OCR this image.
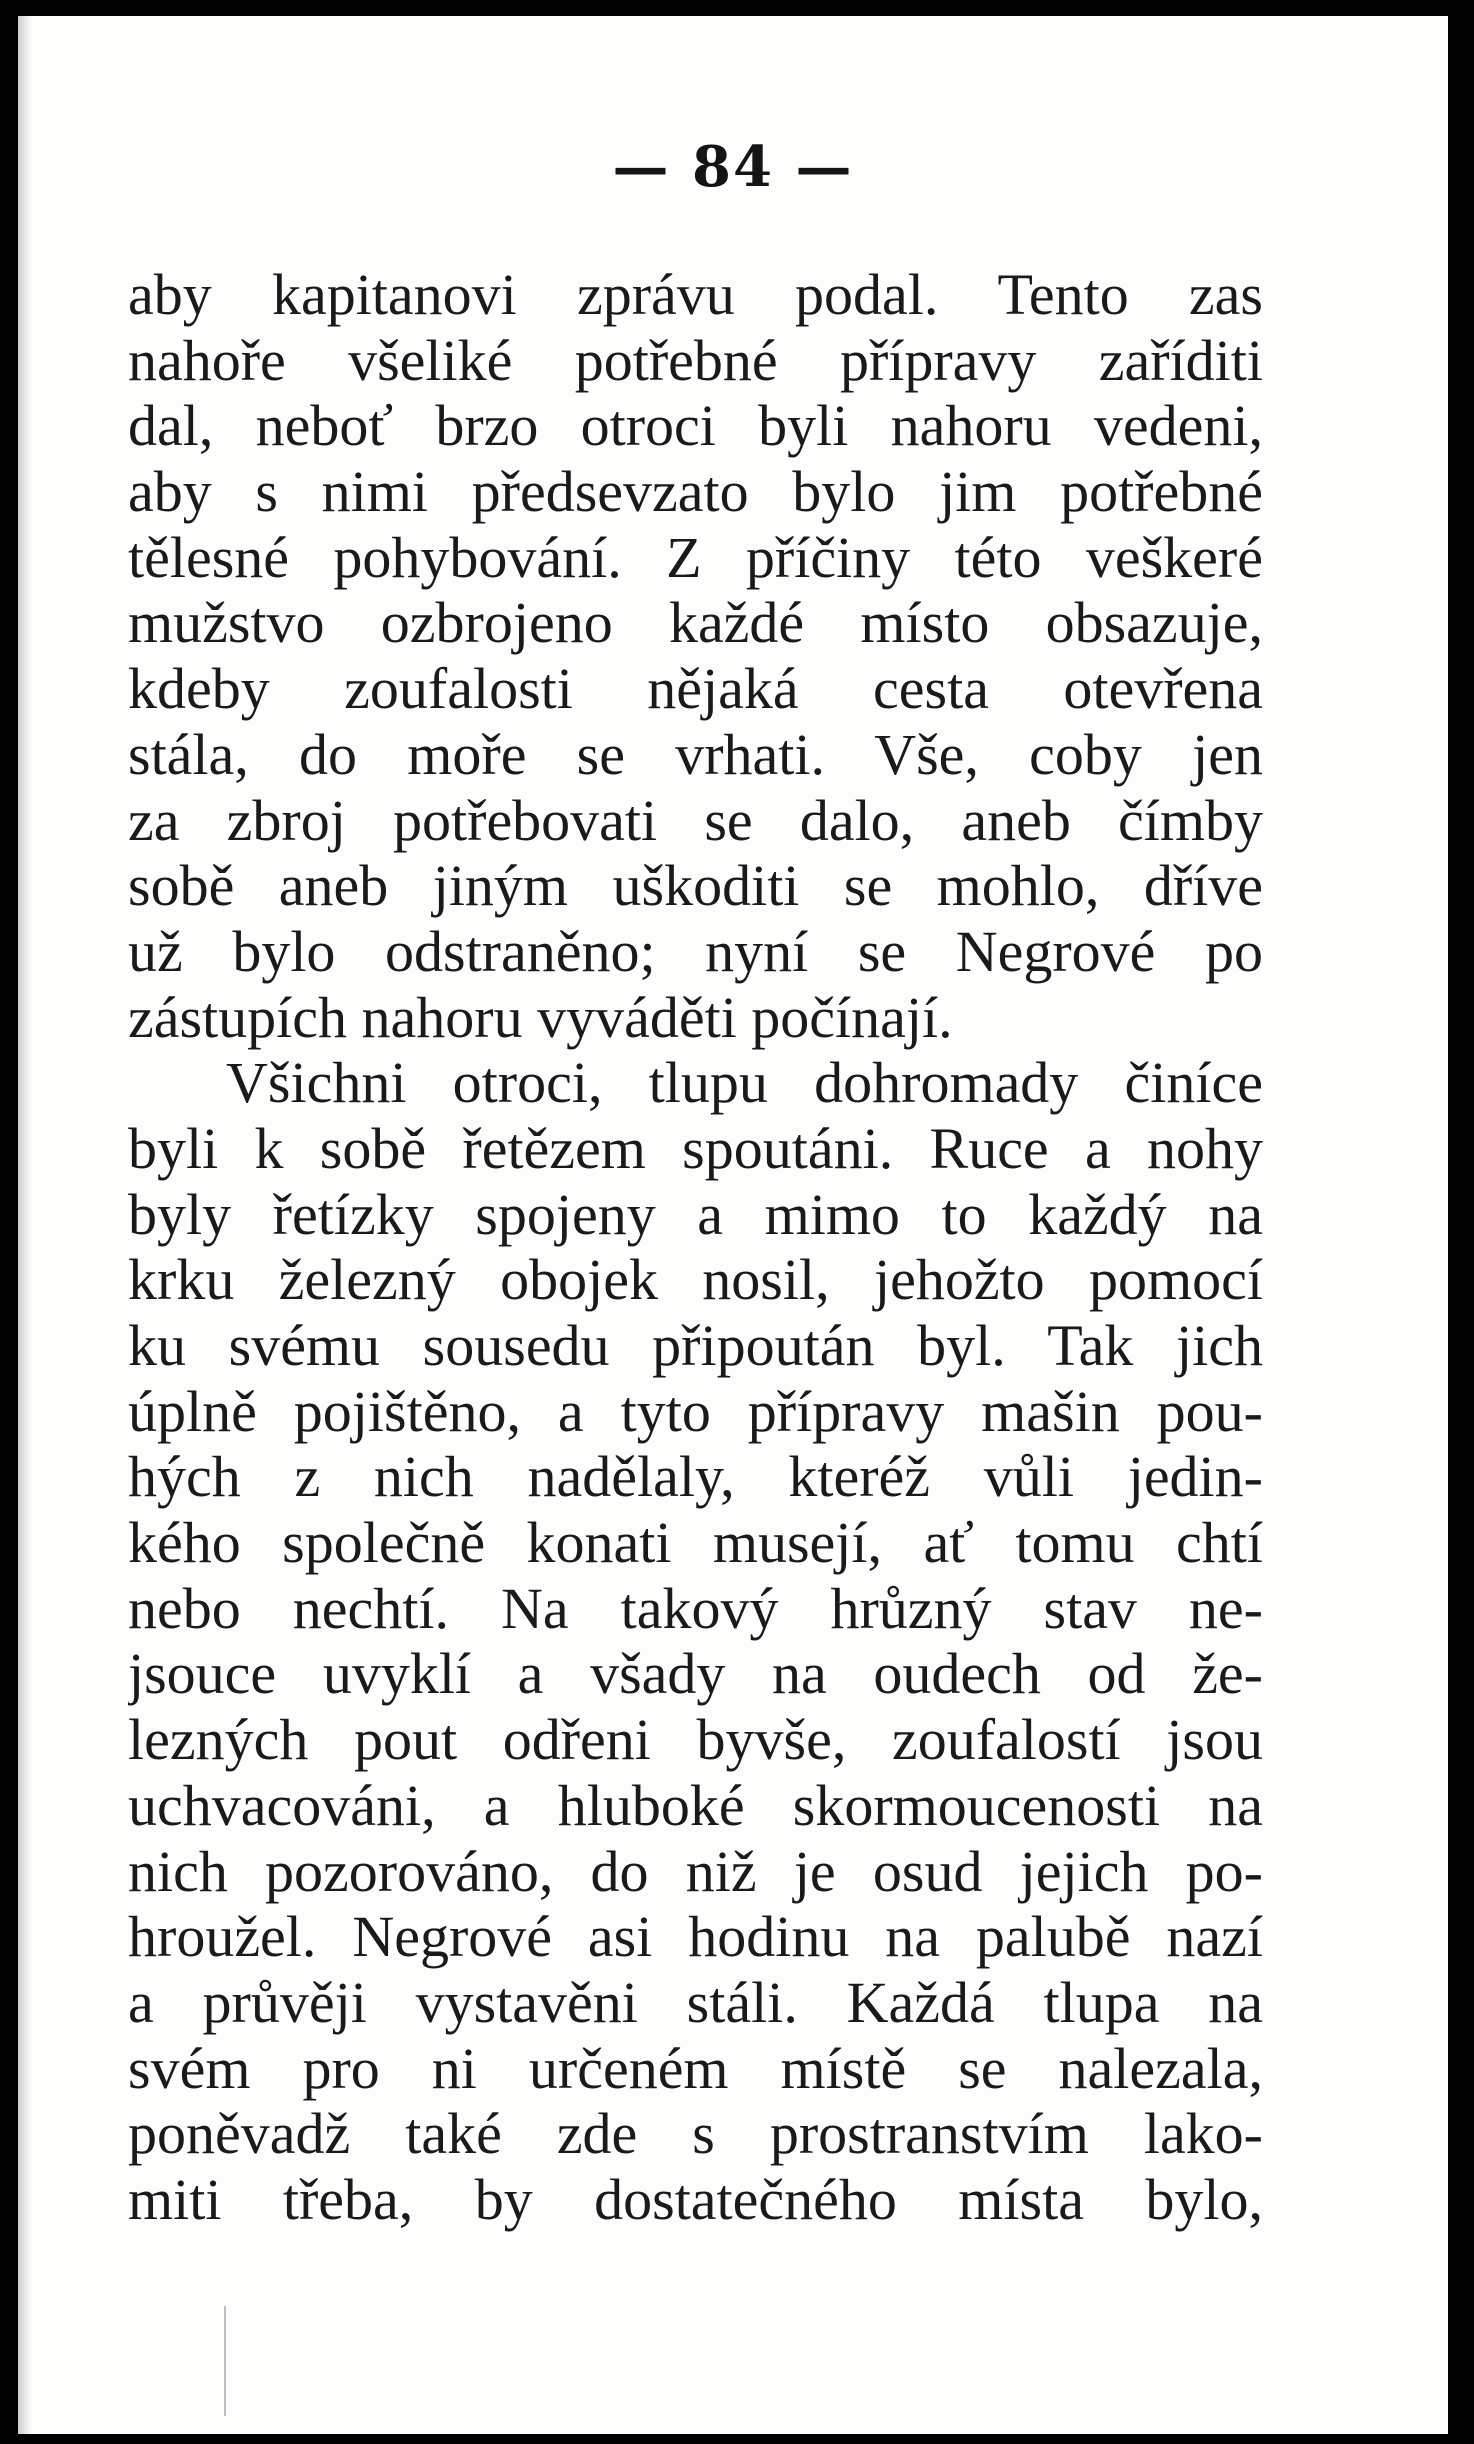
— 84 —
aby kapitanovi zprávu podal. Tento zas
nahoře všeliké potřebné přípravy zaříditi
dal, neboť brzo otroci byli nahoru vedeni,
aby s nimi předsevzato bylo jim potřebné
tělesné pohybování. Z příčiny této veškeré
mužstvo ozbrojeno každé místo obsazuje,
kdeby zoufalosti nějaká cesta otevřena
stála, do moře se vrhati. Vše, coby jen
za zbroj potřebovati se dalo, aneb čímby
sobě aneb jiným uškoditi se mohlo, dříve
už bylo odstraněno; nyní se Negrové po
zástupích nahoru vyváděti počínají.
Všichni otroci, tlupu dohromady činíce
byli k sobě řetězem spoutáni. Ruce a nohy
byly řetízky spojeny a mimo to každý na
krku železný obojek nosil, jehožto pomocí
ku svému sousedu připoután byl. Tak jich
úplně pojištěno, a tyto přípravy mašin pou-
hých z nich nadělaly, kteréž vůli jedin-
kého společně konati musejí, ať tomu chtí
nebo nechtí. Na takový hrůzný stav ne-
jsouce uvyklí a všady na oudech od že-
lezných pout odřeni byvše, zoufalostí jsou
uchvacováni, a hluboké skormoucenosti na
nich pozorováno, do niž je osud jejich po-
hroužel. Negrové asi hodinu na palubě nazí
a průvěji vystavěni stáli. Každá tlupa na
svém pro ni určeném místě se nalezala,
poněvadž také zde s prostranstvím lako-
miti třeba, by dostatečného místa bylo,
